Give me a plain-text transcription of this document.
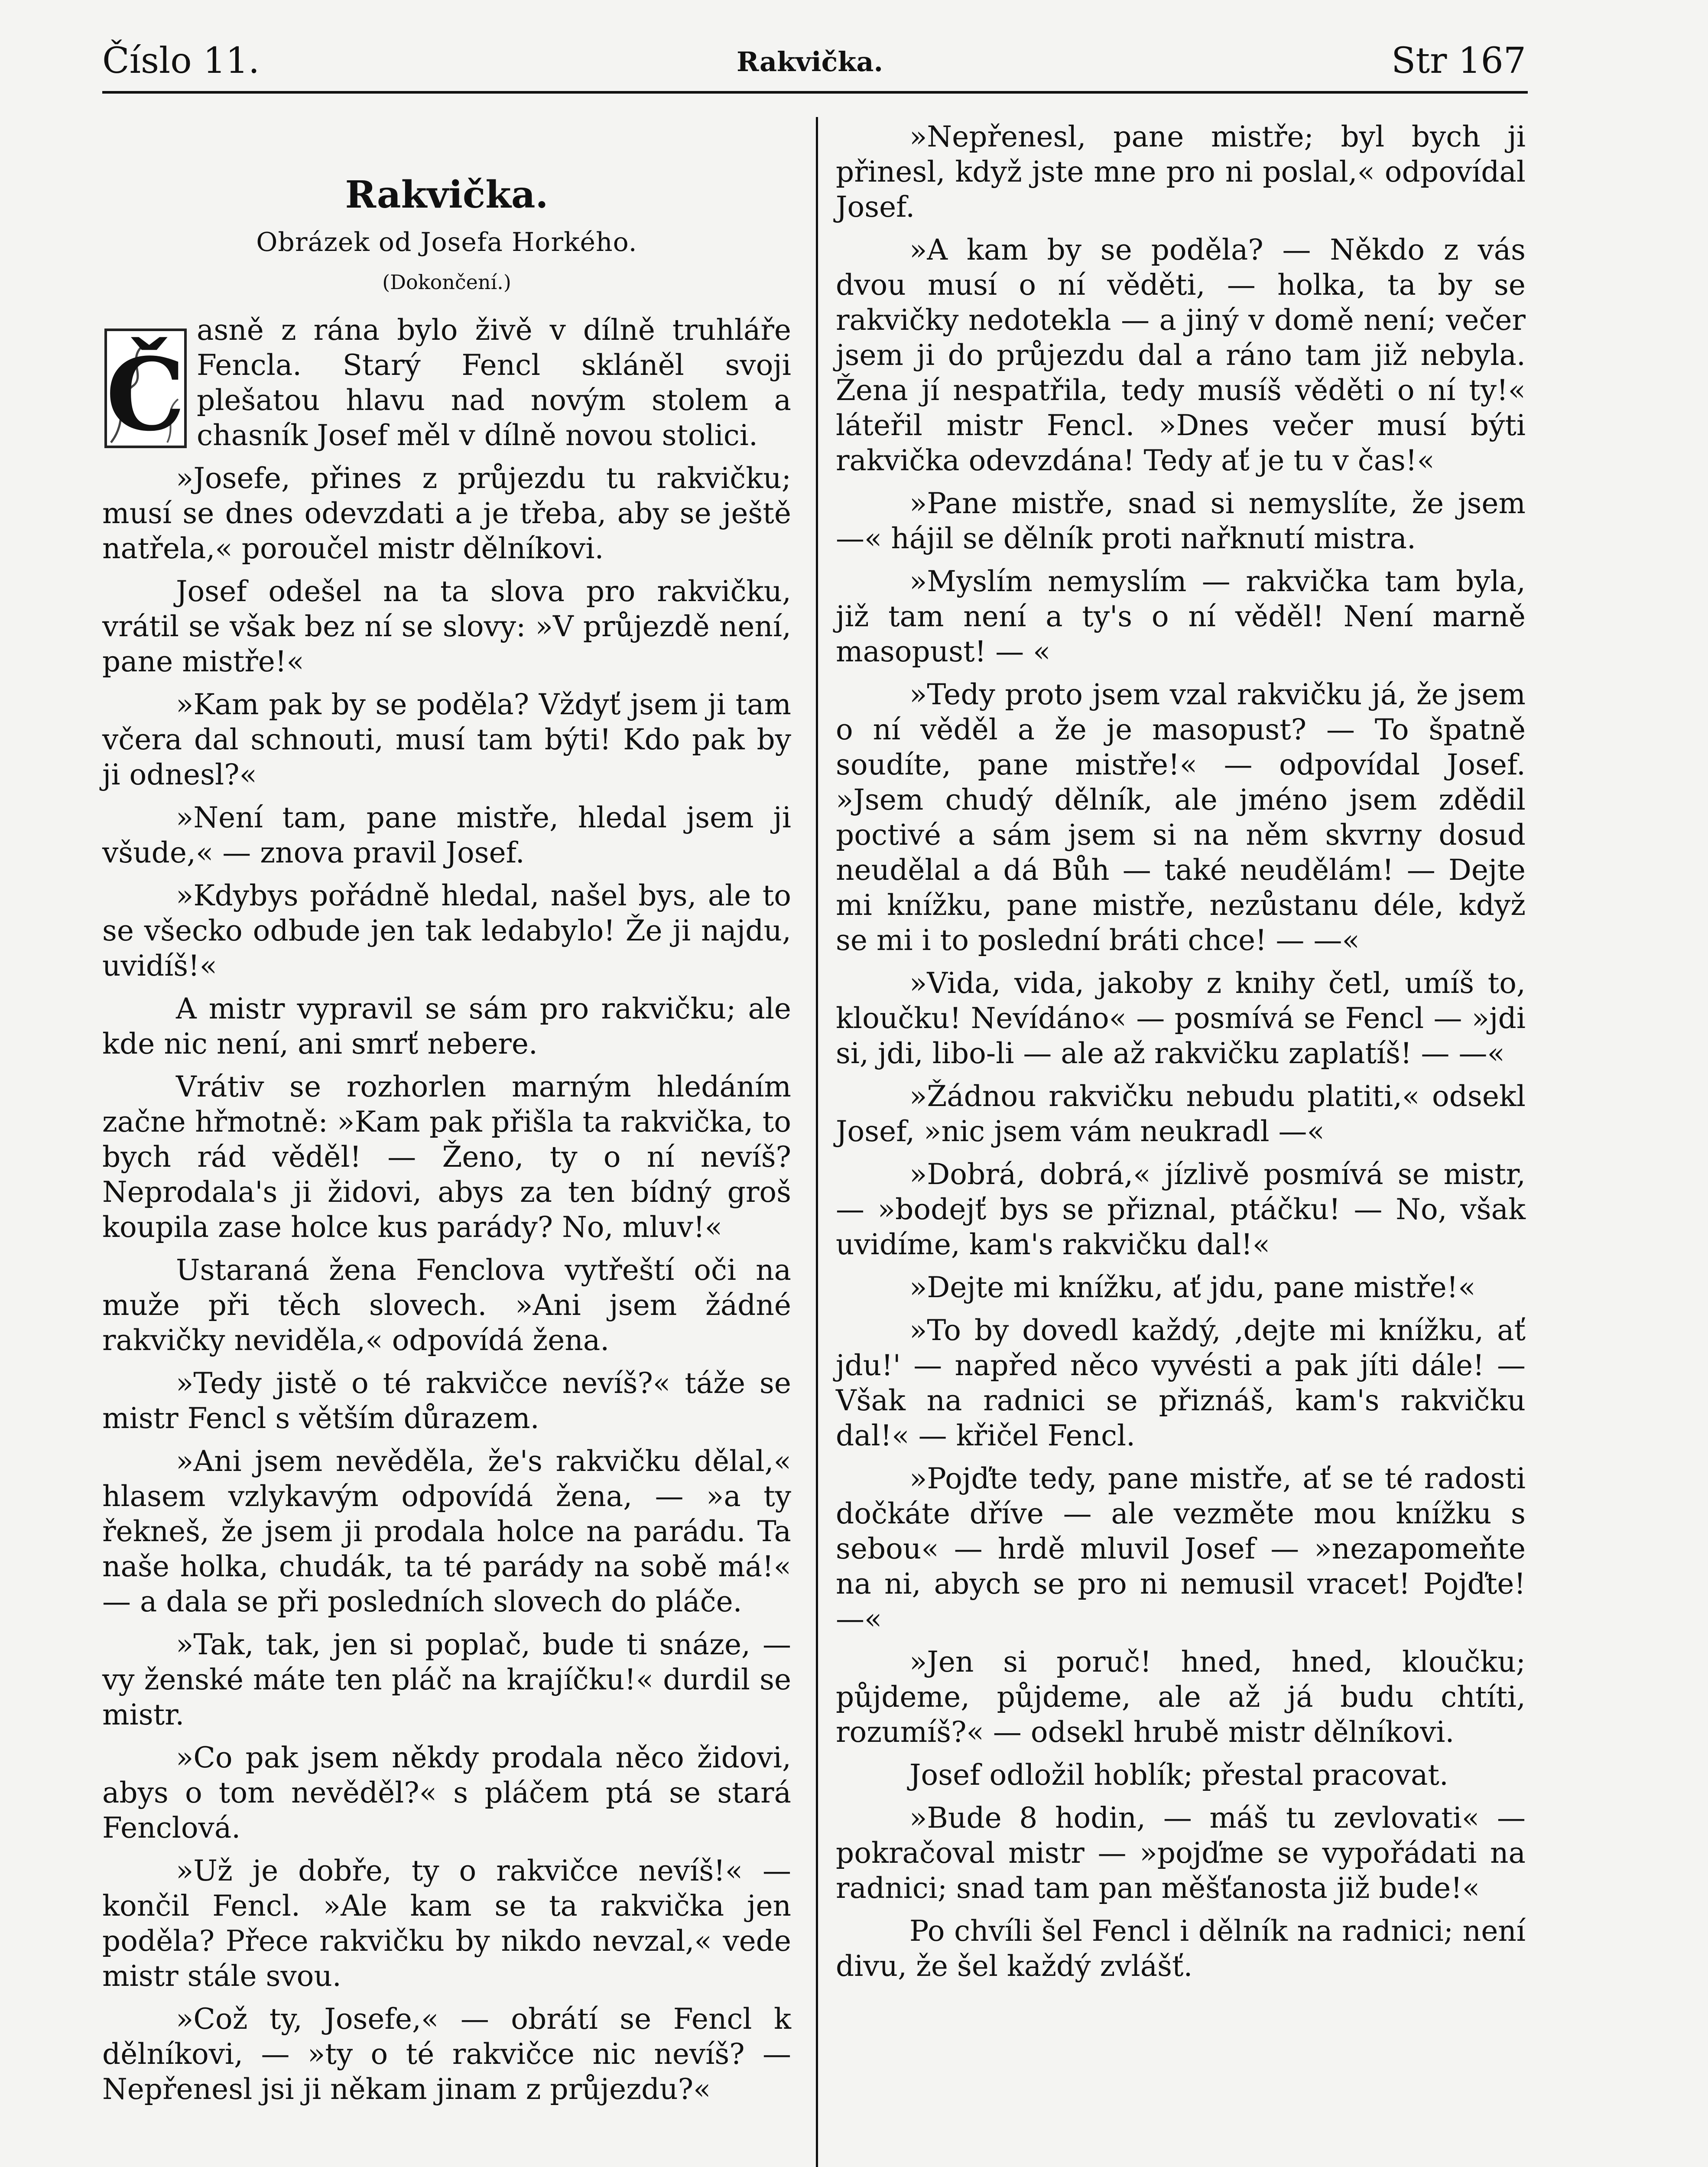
Číslo 11.	Rakvička.	Str 167
Rakvička.
Obrázek od Josefa Horkého.
(Dokončení.)

Č
asně z rána bylo živě v dílně truhláře Fencla. Starý Fencl skláněl svoji plešatou hlavu nad novým stolem a chasník Josef měl v dílně novou stolici.

»Josefe, přines z průjezdu tu rakvičku; musí se dnes odevzdati a je třeba, aby se ještě natřela,« poroučel mistr dělníkovi.

Josef odešel na ta slova pro rakvičku, vrátil se však bez ní se slovy: »V průjezdě není, pane mistře!«

»Kam pak by se poděla? Vždyť jsem ji tam včera dal schnouti, musí tam býti! Kdo pak by ji odnesl?«

»Není tam, pane mistře, hledal jsem ji všude,« — znova pravil Josef.

»Kdybys pořádně hledal, našel bys, ale to se všecko odbude jen tak ledabylo! Že ji najdu, uvidíš!«

A mistr vypravil se sám pro rakvičku; ale kde nic není, ani smrť nebere.

Vrátiv se rozhorlen marným hledáním začne hřmotně: »Kam pak přišla ta rakvička, to bych rád věděl! — Ženo, ty o ní nevíš? Neprodala's ji židovi, abys za ten bídný groš koupila zase holce kus parády? No, mluv!«

Ustaraná žena Fenclova vytřeští oči na muže při těch slovech. »Ani jsem žádné rakvičky neviděla,« odpovídá žena.

»Tedy jistě o té rakvičce nevíš?« táže se mistr Fencl s větším důrazem.

»Ani jsem nevěděla, že's rakvičku dělal,« hlasem vzlykavým odpovídá žena, — »a ty řekneš, že jsem ji prodala holce na parádu. Ta naše holka, chudák, ta té parády na sobě má!« — a dala se při posledních slovech do pláče.

»Tak, tak, jen si poplač, bude ti snáze, — vy ženské máte ten pláč na krajíčku!« durdil se mistr.

»Co pak jsem někdy prodala něco židovi, abys o tom nevěděl?« s pláčem ptá se stará Fenclová.

»Už je dobře, ty o rakvičce nevíš!« — končil Fencl. »Ale kam se ta rakvička jen poděla? Přece rakvičku by nikdo nevzal,« vede mistr stále svou.

»Což ty, Josefe,« — obrátí se Fencl k dělníkovi, — »ty o té rakvičce nic nevíš? — Nepřenesl jsi ji někam jinam z průjezdu?«

»Nepřenesl, pane mistře; byl bych ji přinesl, když jste mne pro ni poslal,« odpovídal Josef.

»A kam by se poděla? — Někdo z vás dvou musí o ní věděti, — holka, ta by se rakvičky nedotekla — a jiný v domě není; večer jsem ji do průjezdu dal a ráno tam již nebyla. Žena jí nespatřila, tedy musíš věděti o ní ty!« láteřil mistr Fencl. »Dnes večer musí býti rakvička odevzdána! Tedy ať je tu v čas!«

»Pane mistře, snad si nemyslíte, že jsem —« hájil se dělník proti nařknutí mistra.

»Myslím nemyslím — rakvička tam byla, již tam není a ty's o ní věděl! Není marně masopust! — «

»Tedy proto jsem vzal rakvičku já, že jsem o ní věděl a že je masopust? — To špatně soudíte, pane mistře!« — odpovídal Josef. »Jsem chudý dělník, ale jméno jsem zdědil poctivé a sám jsem si na něm skvrny dosud neudělal a dá Bůh — také neudělám! — Dejte mi knížku, pane mistře, nezůstanu déle, když se mi i to poslední bráti chce! — —«

»Vida, vida, jakoby z knihy četl, umíš to, kloučku! Nevídáno« — posmívá se Fencl — »jdi si, jdi, libo-li — ale až rakvičku zaplatíš! — —«

»Žádnou rakvičku nebudu platiti,« odsekl Josef, »nic jsem vám neukradl —«

»Dobrá, dobrá,« jízlivě posmívá se mistr, — »bodejť bys se přiznal, ptáčku! — No, však uvidíme, kam's rakvičku dal!«

»Dejte mi knížku, ať jdu, pane mistře!«

»To by dovedl každý, ‚dejte mi knížku, ať jdu!' — napřed něco vyvésti a pak jíti dále! — Však na radnici se přiznáš, kam's rakvičku dal!« — křičel Fencl.

»Pojďte tedy, pane mistře, ať se té radosti dočkáte dříve — ale vezměte mou knížku s sebou« — hrdě mluvil Josef — »nezapomeňte na ni, abych se pro ni nemusil vracet! Pojďte! —«

»Jen si poruč! hned, hned, kloučku; půjdeme, půjdeme, ale až já budu chtíti, rozumíš?« — odsekl hrubě mistr dělníkovi.

Josef odložil hoblík; přestal pracovat.

»Bude 8 hodin, — máš tu zevlovati« — pokračoval mistr — »pojďme se vypořádati na radnici; snad tam pan měšťanosta již bude!«

Po chvíli šel Fencl i dělník na radnici; není divu, že šel každý zvlášť.
